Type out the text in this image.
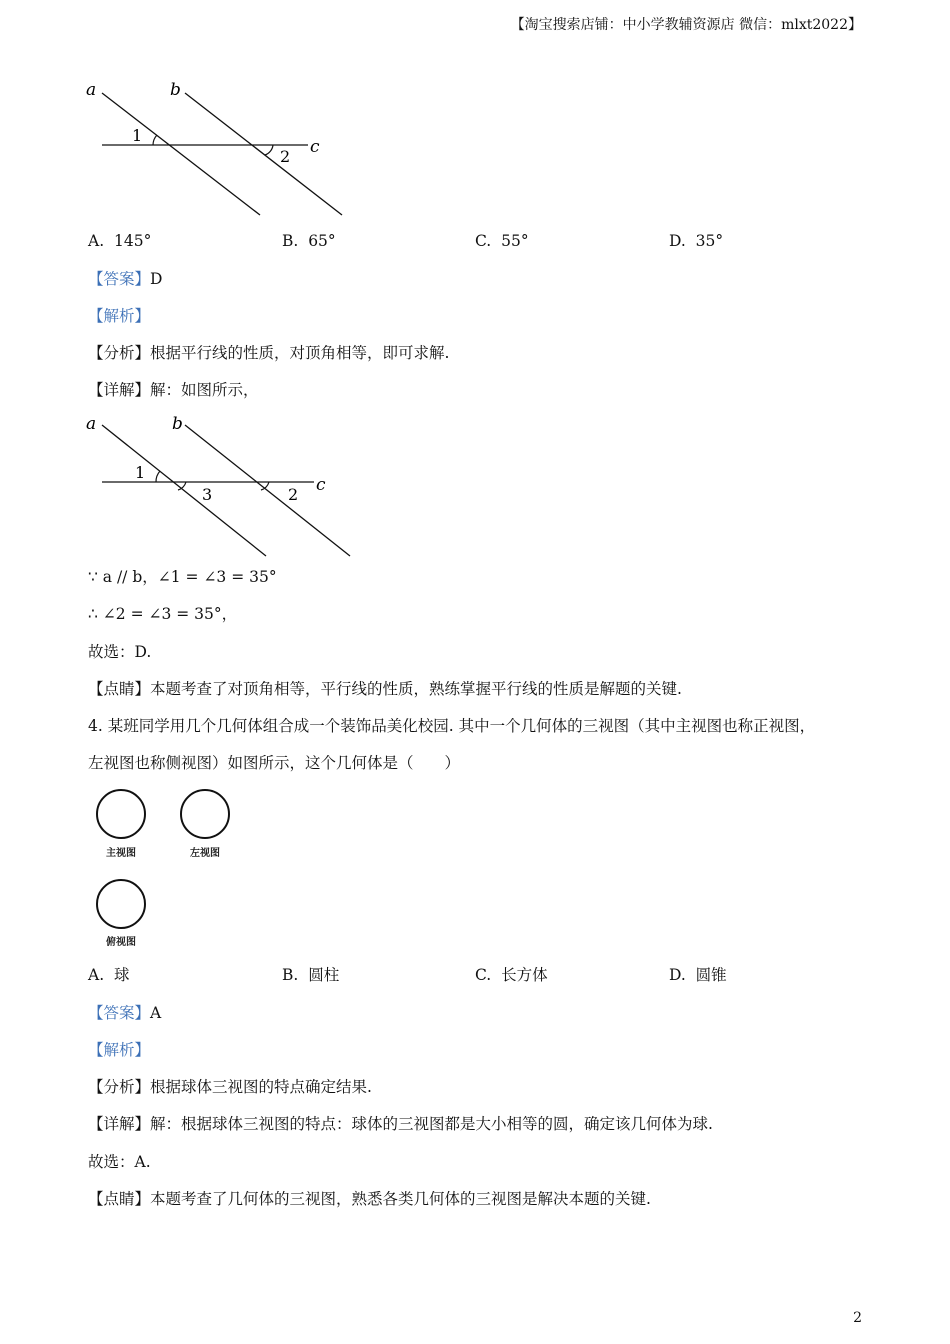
【淘宝搜索店铺：中小学教辅资源店 微信：mlxt2022】
a	b
c
1
2
A. 145°	B. 65°	C. 55°	D. 35°
【答案】D
【解析】
【分析】根据平行线的性质，对顶角相等，即可求解.
【详解】解：如图所示，
a	b
c
1
3	2
∵ a // b，∠1 = ∠3 = 35°
∴ ∠2 = ∠3 = 35°，
故选：D.
【点睛】本题考查了对顶角相等，平行线的性质，熟练掌握平行线的性质是解题的关键.
4. 某班同学用几个几何体组合成一个装饰品美化校园. 其中一个几何体的三视图（其中主视图也称正视图，
左视图也称侧视图）如图所示，这个几何体是（　　）
主视图	左视图
俯视图
A. 球	B. 圆柱	C. 长方体	D. 圆锥
【答案】A
【解析】
【分析】根据球体三视图的特点确定结果.
【详解】解：根据球体三视图的特点：球体的三视图都是大小相等的圆，确定该几何体为球.
故选：A.
【点睛】本题考查了几何体的三视图，熟悉各类几何体的三视图是解决本题的关键.
2
